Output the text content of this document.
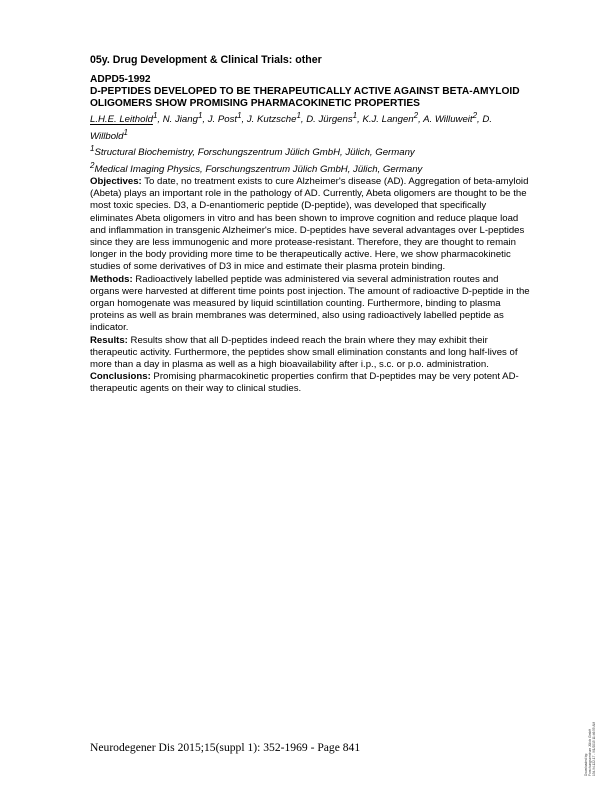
05y. Drug Development & Clinical Trials: other
ADPD5-1992
D-PEPTIDES DEVELOPED TO BE THERAPEUTICALLY ACTIVE AGAINST BETA-AMYLOID OLIGOMERS SHOW PROMISING PHARMACOKINETIC PROPERTIES
L.H.E. Leithold$^1$, N. Jiang$^1$, J. Post$^1$, J. Kutzsche$^1$, D. Jürgens$^1$, K.J. Langen$^2$, A. Willuweit$^2$, D. Willbold$^1$
$^1$Structural Biochemistry, Forschungszentrum Jülich GmbH, Jülich, Germany
$^2$Medical Imaging Physics, Forschungszentrum Jülich GmbH, Jülich, Germany

Objectives: To date, no treatment exists to cure Alzheimer's disease (AD). Aggregation of beta-amyloid (Abeta) plays an important role in the pathology of AD. Currently, Abeta oligomers are thought to be the most toxic species. D3, a D-enantiomeric peptide (D-peptide), was developed that specifically eliminates Abeta oligomers in vitro and has been shown to improve cognition and reduce plaque load and inflammation in transgenic Alzheimer's mice. D-peptides have several advantages over L-peptides since they are less immunogenic and more protease-resistant. Therefore, they are thought to remain longer in the body providing more time to be therapeutically active. Here, we show pharmacokinetic studies of some derivatives of D3 in mice and estimate their plasma protein binding.

Methods: Radioactively labelled peptide was administered via several administration routes and organs were harvested at different time points post injection. The amount of radioactive D-peptide in the organ homogenate was measured by liquid scintillation counting. Furthermore, binding to plasma proteins as well as brain membranes was determined, also using radioactively labelled peptide as indicator.

Results: Results show that all D-peptides indeed reach the brain where they may exhibit their therapeutic activity. Furthermore, the peptides show small elimination constants and long half-lives of more than a day in plasma as well as a high bioavailability after i.p., s.c. or p.o. administration.

Conclusions: Promising pharmacokinetic properties confirm that D-peptides may be very potent AD-therapeutic agents on their way to clinical studies.

Neurodegener Dis 2015;15(suppl 1): 352-1969 - Page 841
Downloaded by: Forschungszentrum Jülich GmbH 134.94.122.17 - 9/1/2015 11:46:55 AM
